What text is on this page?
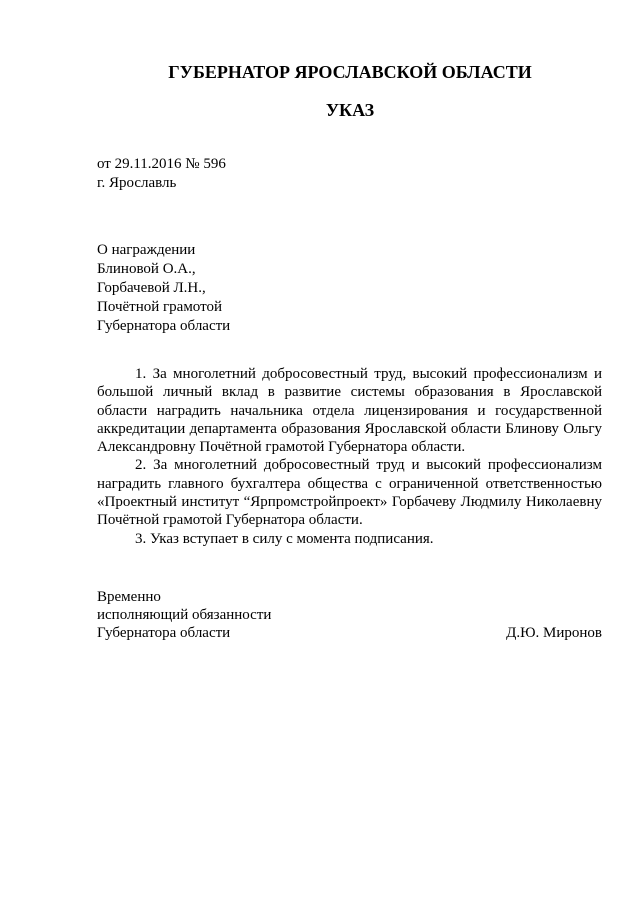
ГУБЕРНАТОР ЯРОСЛАВСКОЙ ОБЛАСТИ
УКАЗ
от 29.11.2016 № 596
г. Ярославль
О награждении
Блиновой О.А.,
Горбачевой Л.Н.,
Почётной грамотой
Губернатора области

1. За многолетний добросовестный труд, высокий профессионализм и большой личный вклад в развитие системы образования в Ярославской области наградить начальника отдела лицензирования и государственной аккредитации департамента образования Ярославской области Блинову Ольгу Александровну Почётной грамотой Губернатора области.

2. За многолетний добросовестный труд и высокий профессионализм наградить главного бухгалтера общества с ограниченной ответственностью «Проектный институт “Ярпромстройпроект» Горбачеву Людмилу Николаевну Почётной грамотой Губернатора области.

3. Указ вступает в силу с момента подписания.

Временно
исполняющий обязанности
Губернатора области	Д.Ю. Миронов
